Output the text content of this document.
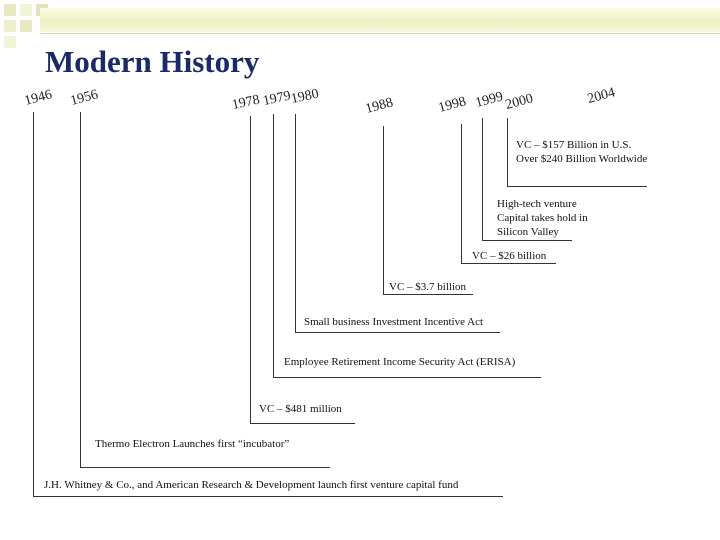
Modern History
1946 1956	1978 1979
1980	1988	1998 1999 2000	2004
VC – $157 Billion in U.S.
Over $240 Billion Worldwide
High-tech venture
Capital takes hold in
Silicon Valley
VC – $26 billion
VC – $3.7 billion
Small business Investment Incentive Act
Employee Retirement Income Security Act (ERISA)
VC – $481 million
Thermo Electron Launches first “incubator”
J.H. Whitney & Co., and American Research & Development launch first venture capital fund
